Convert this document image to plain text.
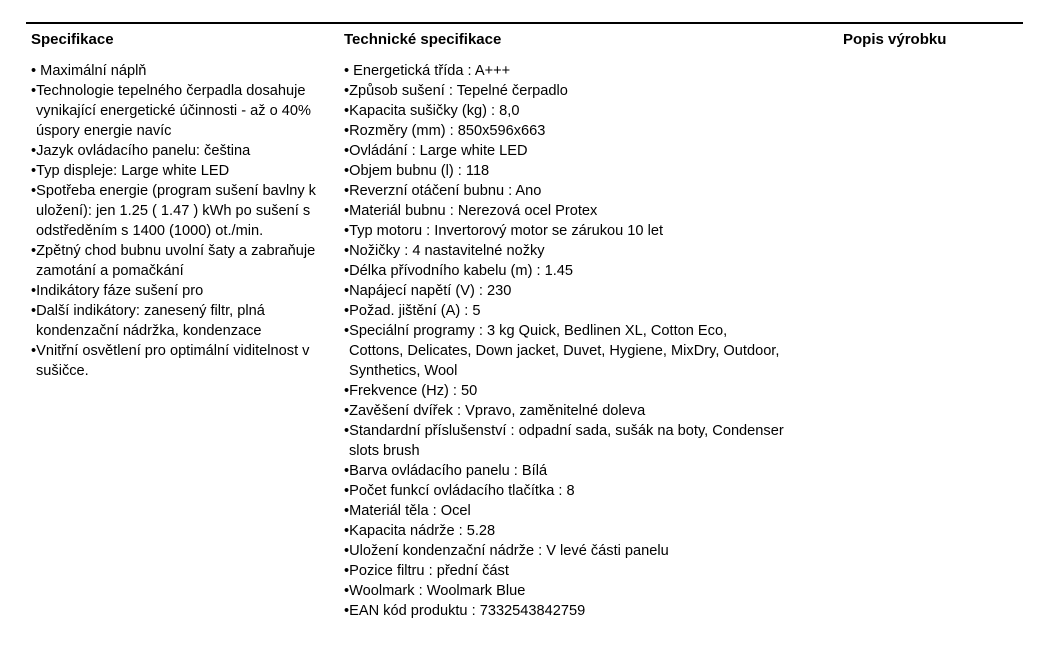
Specifikace
• Maximální náplň
•Technologie tepelného čerpadla dosahuje vynikající energetické účinnosti - až o 40% úspory energie navíc
•Jazyk ovládacího panelu: čeština
•Typ displeje: Large white LED
•Spotřeba energie (program sušení bavlny k uložení): jen 1.25 ( 1.47 ) kWh po sušení s odstředěním s 1400 (1000) ot./min.
•Zpětný chod bubnu uvolní šaty a zabraňuje zamotání a pomačkání
•Indikátory fáze sušení pro
•Další indikátory: zanesený filtr, plná kondenzační nádržka, kondenzace
•Vnitřní osvětlení pro optimální viditelnost v sušičce.
Technické specifikace
• Energetická třída : A+++
•Způsob sušení : Tepelné čerpadlo
•Kapacita sušičky (kg) : 8,0
•Rozměry (mm) : 850x596x663
•Ovládání : Large white LED
•Objem bubnu (l) : 118
•Reverzní otáčení bubnu : Ano
•Materiál bubnu : Nerezová ocel Protex
•Typ motoru : Invertorový motor se zárukou 10 let
•Nožičky : 4 nastavitelné nožky
•Délka přívodního kabelu (m) : 1.45
•Napájecí napětí (V) : 230
•Požad. jištění (A) : 5
•Speciální programy : 3 kg Quick, Bedlinen XL, Cotton Eco, Cottons, Delicates, Down jacket, Duvet, Hygiene, MixDry, Outdoor, Synthetics, Wool
•Frekvence (Hz) : 50
•Zavěšení dvířek : Vpravo, zaměnitelné doleva
•Standardní příslušenství : odpadní sada, sušák na boty, Condenser slots brush
•Barva ovládacího panelu : Bílá
•Počet funkcí ovládacího tlačítka : 8
•Materiál těla : Ocel
•Kapacita nádrže : 5.28
•Uložení kondenzační nádrže : V levé části panelu
•Pozice filtru : přední část
•Woolmark : Woolmark Blue
•EAN kód produktu : 7332543842759
Popis výrobku
